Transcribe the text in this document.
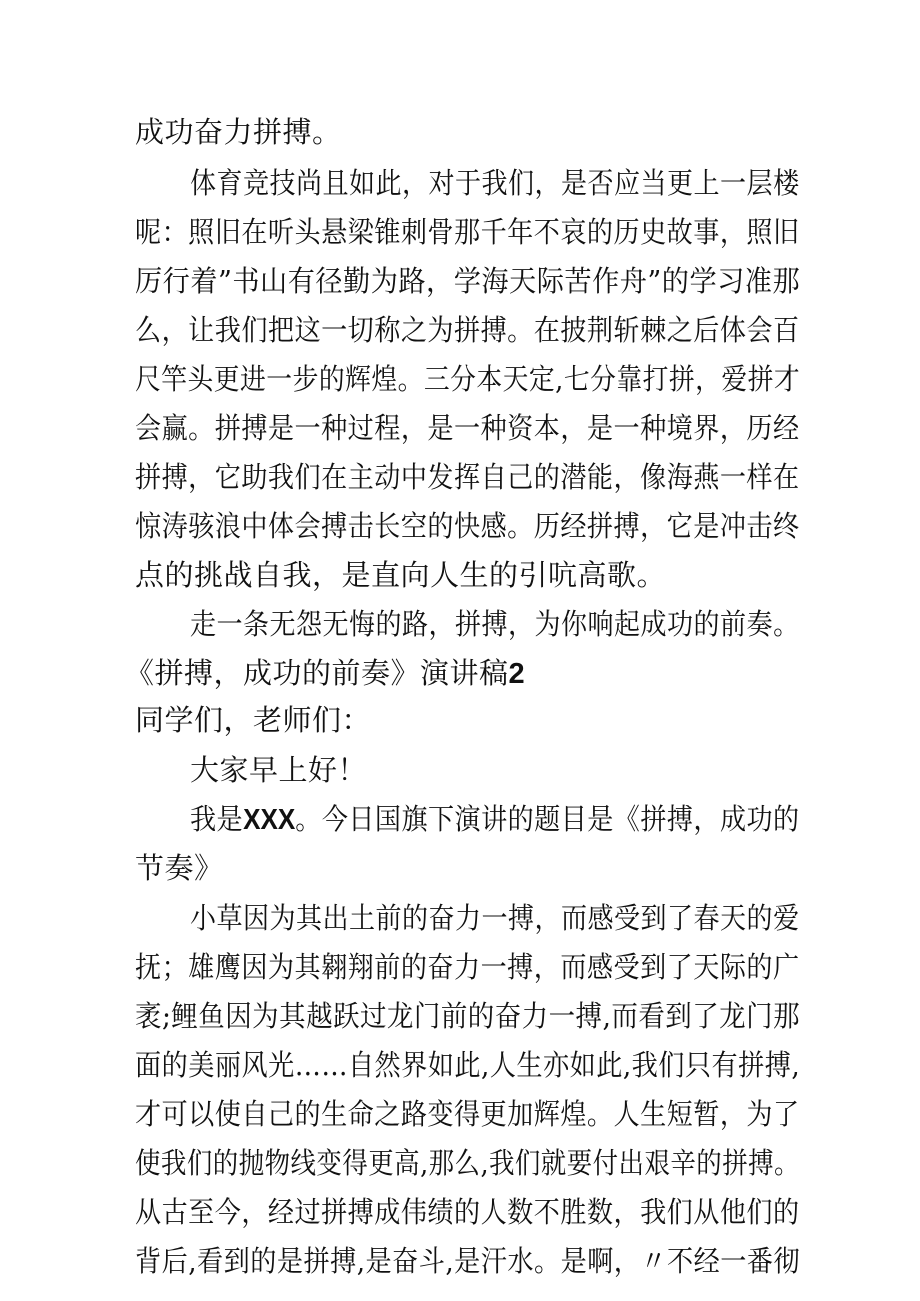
成功奋力拼搏。
体育竞技尚且如此，对于我们，是否应当更上一层楼
呢：照旧在听头悬梁锥刺骨那千年不哀的历史故事，照旧
厉行着”书山有径勤为路，学海天际苦作舟”的学习准那
么，让我们把这一切称之为拼搏。在披荆斩棘之后体会百
尺竿头更进一步的辉煌。三分本天定,七分靠打拼，爱拼才
会赢。拼搏是一种过程，是一种资本，是一种境界，历经
拼搏，它助我们在主动中发挥自己的潜能，像海燕一样在
惊涛骇浪中体会搏击长空的快感。历经拼搏，它是冲击终
点的挑战自我，是直向人生的引吭高歌。
走一条无怨无悔的路，拼搏，为你响起成功的前奏。
《拼搏，成功的前奏》演讲稿2
同学们，老师们：
大家早上好！
我是XXX。今日国旗下演讲的题目是《拼搏，成功的
节奏》
小草因为其出土前的奋力一搏，而感受到了春天的爱
抚；雄鹰因为其翱翔前的奋力一搏，而感受到了天际的广
袤;鲤鱼因为其越跃过龙门前的奋力一搏,而看到了龙门那
面的美丽风光……自然界如此,人生亦如此,我们只有拼搏,
才可以使自己的生命之路变得更加辉煌。人生短暂，为了
使我们的抛物线变得更高,那么,我们就要付出艰辛的拼搏。
从古至今，经过拼搏成伟绩的人数不胜数，我们从他们的
背后,看到的是拼搏,是奋斗,是汗水。是啊，〃不经一番彻
